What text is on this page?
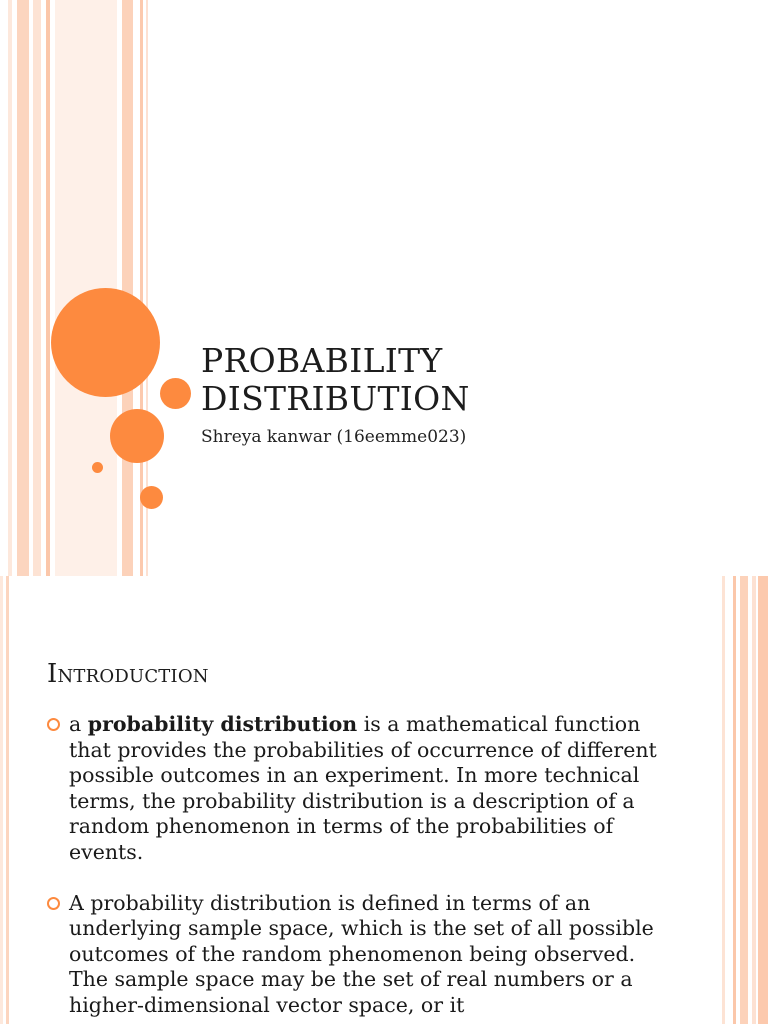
PROBABILITY
DISTRIBUTION

Shreya kanwar (16eemme023)

Introduction
a probability distribution is a mathematical function that provides the probabilities of occurrence of different possible outcomes in an experiment. In more technical terms, the probability distribution is a description of a random phenomenon in terms of the probabilities of events.
A probability distribution is defined in terms of an underlying sample space, which is the set of all possible outcomes of the random phenomenon being observed. The sample space may be the set of real numbers or a higher-dimensional vector space, or it
